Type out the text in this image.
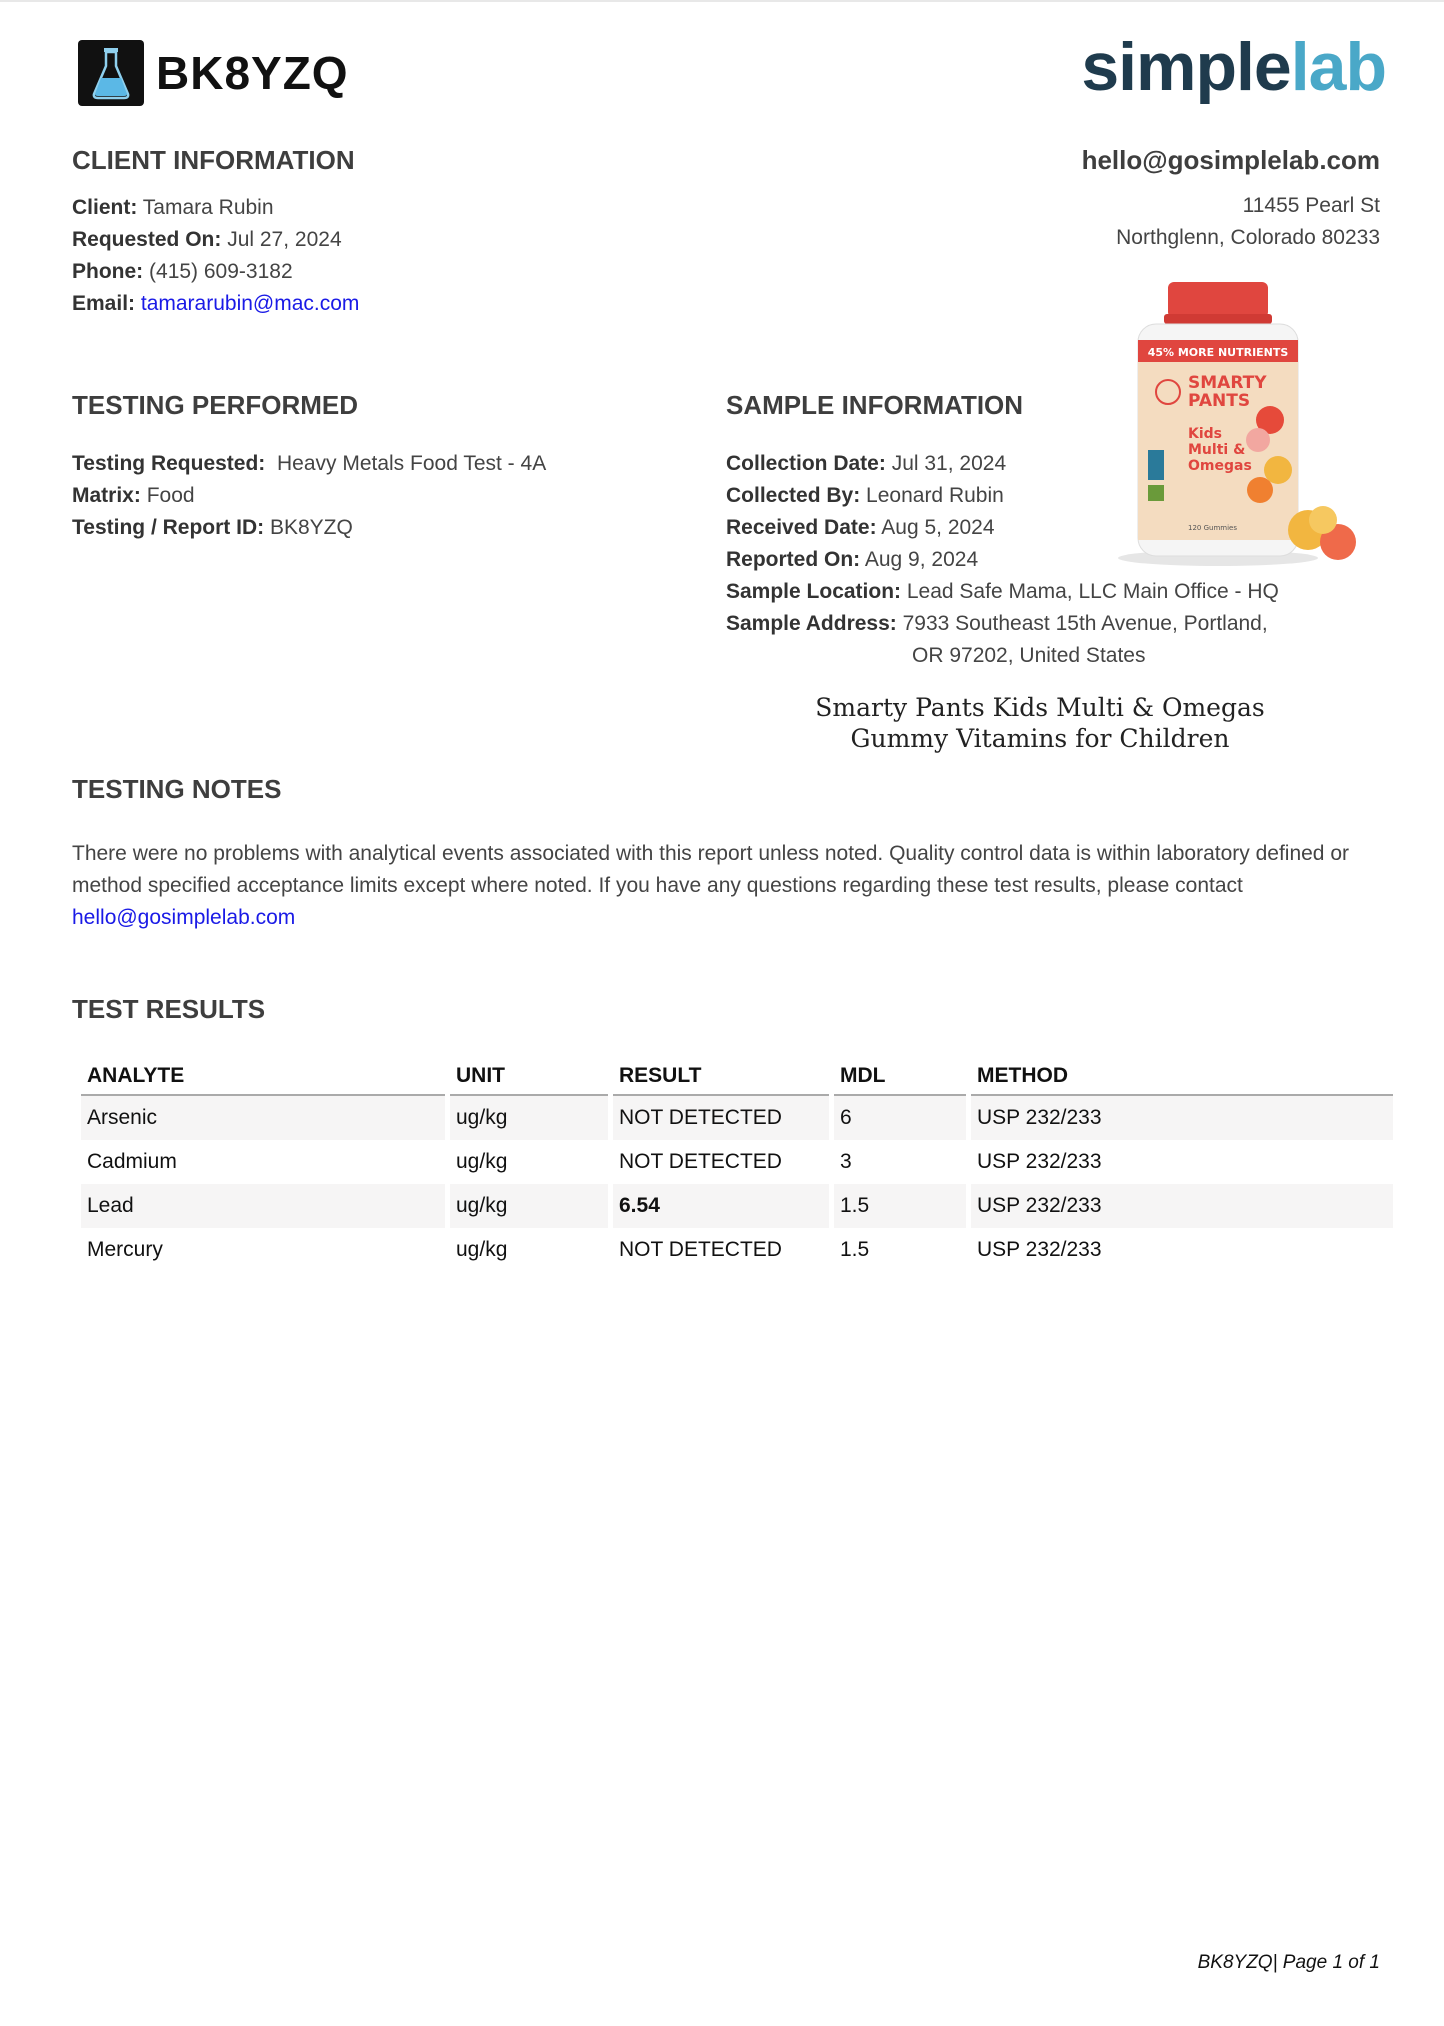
BK8YZQ	simplelab
CLIENT INFORMATION
Client: Tamara Rubin
Requested On: Jul 27, 2024
Phone: (415) 609-3182
Email: tamararubin@mac.com
hello@gosimplelab.com
11455 Pearl St
Northglenn, Colorado 80233
45% MORE NUTRIENTS
SMARTY
PANTS
Kids
Multi &
Omegas
120 Gummies
TESTING PERFORMED
Testing Requested: Heavy Metals Food Test - 4A
Matrix: Food
Testing / Report ID: BK8YZQ
SAMPLE INFORMATION
Collection Date: Jul 31, 2024
Collected By: Leonard Rubin
Received Date: Aug 5, 2024
Reported On: Aug 9, 2024
Sample Location: Lead Safe Mama, LLC Main Office - HQ
Sample Address: 7933 Southeast 15th Avenue, Portland,
OR 97202, United States
Smarty Pants Kids Multi & Omegas
Gummy Vitamins for Children
TESTING NOTES
There were no problems with analytical events associated with this report unless noted. Quality control data is within laboratory defined or method specified acceptance limits except where noted. If you have any questions regarding these test results, please contact hello@gosimplelab.com
TEST RESULTS
ANALYTE	UNIT	RESULT	MDL	METHOD
Arsenic	ug/kg	NOT DETECTED	6	USP 232/233
Cadmium	ug/kg	NOT DETECTED	3	USP 232/233
Lead	ug/kg	6.54	1.5	USP 232/233
Mercury	ug/kg	NOT DETECTED	1.5	USP 232/233
BK8YZQ| Page 1 of 1
